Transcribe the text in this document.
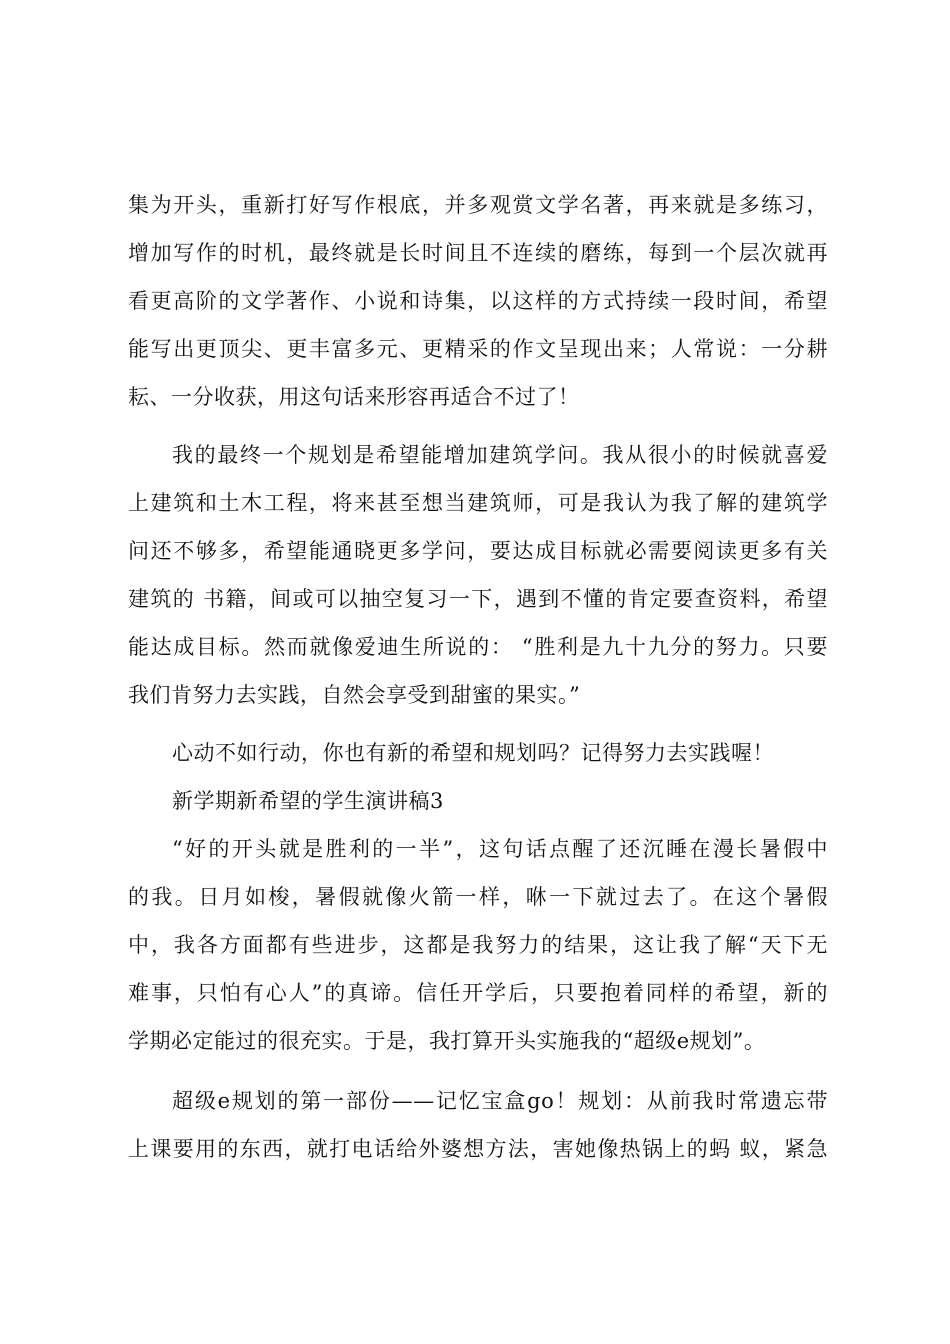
集为开头，重新打好写作根底，并多观赏文学名著，再来就是多练习，
增加写作的时机，最终就是长时间且不连续的磨练，每到一个层次就再
看更高阶的文学著作、小说和诗集，以这样的方式持续一段时间，希望
能写出更顶尖、更丰富多元、更精采的作文呈现出来；人常说：一分耕
耘、一分收获，用这句话来形容再适合不过了！
我的最终一个规划是希望能增加建筑学问。我从很小的时候就喜爱
上建筑和土木工程，将来甚至想当建筑师，可是我认为我了解的建筑学
问还不够多，希望能通晓更多学问，要达成目标就必需要阅读更多有关
建筑的 书籍，间或可以抽空复习一下，遇到不懂的肯定要查资料，希望
能达成目标。然而就像爱迪生所说的： “胜利是九十九分的努力。只要
我们肯努力去实践，自然会享受到甜蜜的果实。”
心动不如行动，你也有新的希望和规划吗？记得努力去实践喔！
新学期新希望的学生演讲稿3
“好的开头就是胜利的一半”，这句话点醒了还沉睡在漫长暑假中
的我。日月如梭，暑假就像火箭一样，咻一下就过去了。在这个暑假
中，我各方面都有些进步，这都是我努力的结果，这让我了解“天下无
难事，只怕有心人”的真谛。信任开学后，只要抱着同样的希望，新的
学期必定能过的很充实。于是，我打算开头实施我的“超级e规划”。
超级e规划的第一部份——记忆宝盒go！规划：从前我时常遗忘带
上课要用的东西，就打电话给外婆想方法，害她像热锅上的蚂 蚁，紧急
